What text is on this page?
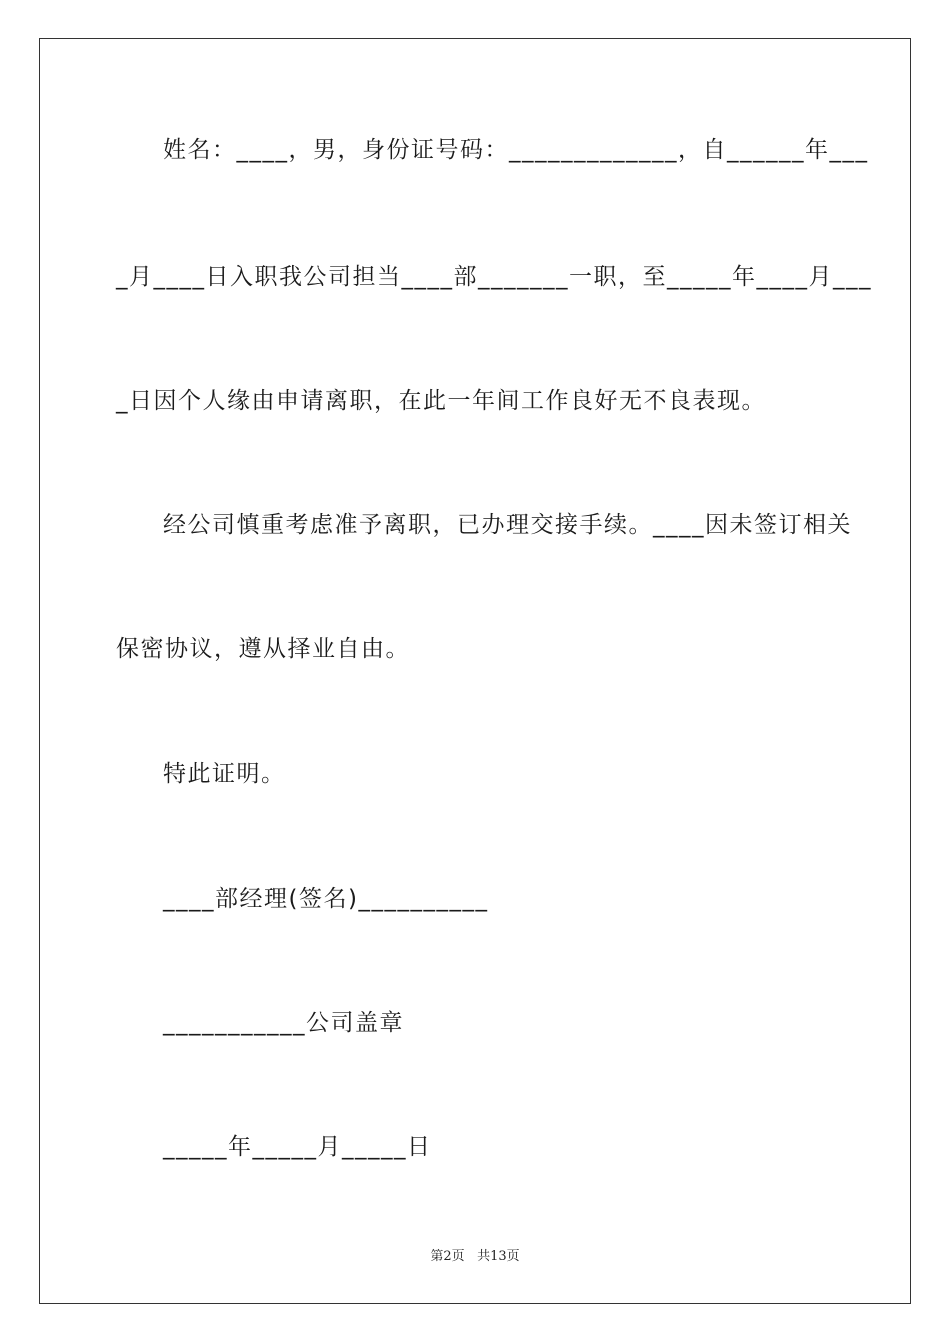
姓名：____，男，身份证号码：_____________，自______年___
_月____日入职我公司担当____部_______一职，至_____年____月___
_日因个人缘由申请离职，在此一年间工作良好无不良表现。
经公司慎重考虑准予离职，已办理交接手续。____因未签订相关
保密协议，遵从择业自由。
特此证明。
____部经理(签名)__________
___________公司盖章
_____年_____月_____日
第2页 共13页
